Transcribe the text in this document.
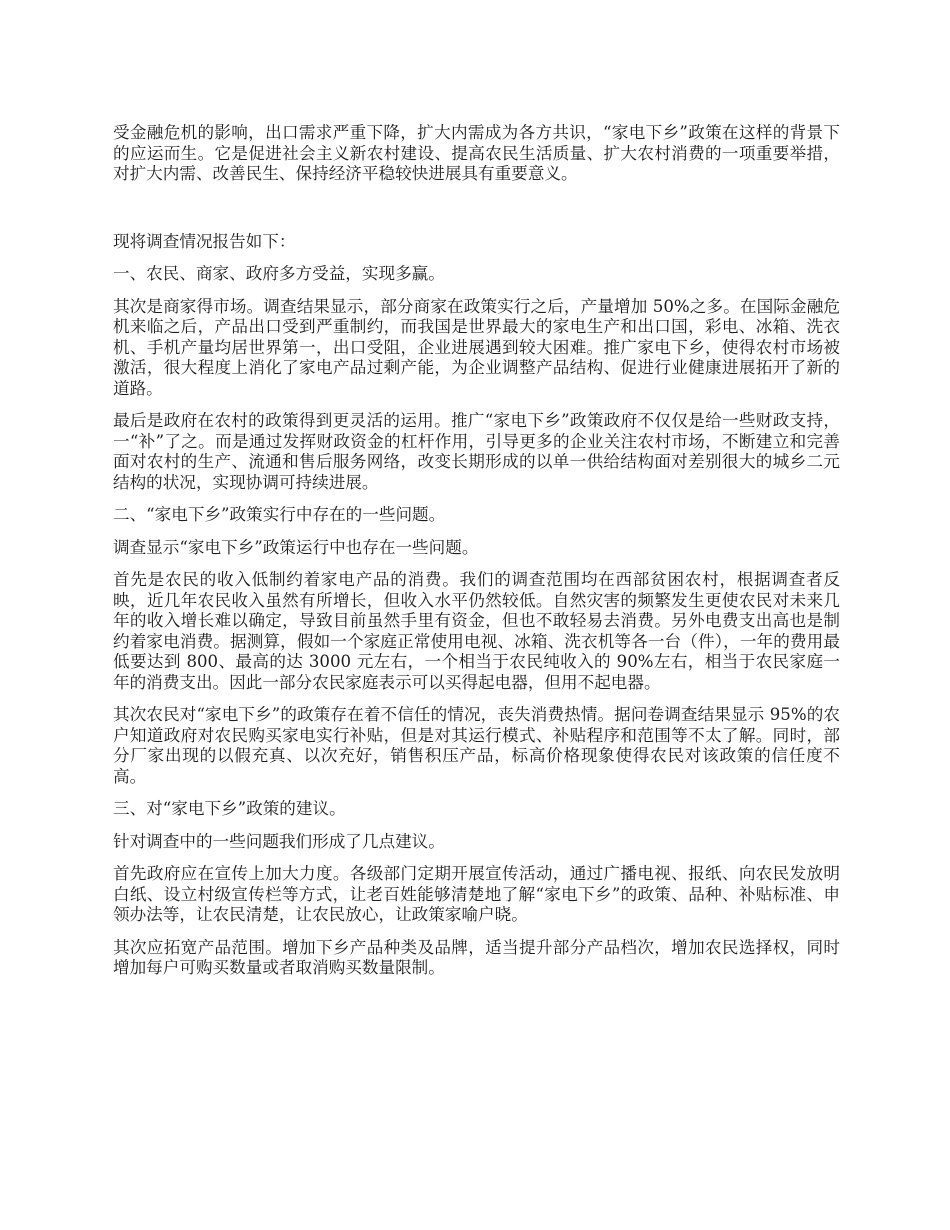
受金融危机的影响，出口需求严重下降，扩大内需成为各方共识，“家电下乡”政策在这样的背景下的应运而生。它是促进社会主义新农村建设、提高农民生活质量、扩大农村消费的一项重要举措，对扩大内需、改善民生、保持经济平稳较快进展具有重要意义。

现将调查情况报告如下：

一、农民、商家、政府多方受益，实现多赢。

其次是商家得市场。调查结果显示，部分商家在政策实行之后，产量增加 50%之多。在国际金融危机来临之后，产品出口受到严重制约，而我国是世界最大的家电生产和出口国，彩电、冰箱、洗衣机、手机产量均居世界第一，出口受阻，企业进展遇到较大困难。推广家电下乡，使得农村市场被激活，很大程度上消化了家电产品过剩产能，为企业调整产品结构、促进行业健康进展拓开了新的道路。

最后是政府在农村的政策得到更灵活的运用。推广“家电下乡”政策政府不仅仅是给一些财政支持，一“补”了之。而是通过发挥财政资金的杠杆作用，引导更多的企业关注农村市场，不断建立和完善面对农村的生产、流通和售后服务网络，改变长期形成的以单一供给结构面对差别很大的城乡二元结构的状况，实现协调可持续进展。

二、“家电下乡”政策实行中存在的一些问题。

调查显示“家电下乡”政策运行中也存在一些问题。

首先是农民的收入低制约着家电产品的消费。我们的调查范围均在西部贫困农村，根据调查者反映，近几年农民收入虽然有所增长，但收入水平仍然较低。自然灾害的频繁发生更使农民对未来几年的收入增长难以确定，导致目前虽然手里有资金，但也不敢轻易去消费。另外电费支出高也是制约着家电消费。据测算，假如一个家庭正常使用电视、冰箱、洗衣机等各一台（件），一年的费用最低要达到 800、最高的达 3000 元左右，一个相当于农民纯收入的 90%左右，相当于农民家庭一年的消费支出。因此一部分农民家庭表示可以买得起电器，但用不起电器。

其次农民对“家电下乡”的政策存在着不信任的情况，丧失消费热情。据问卷调查结果显示 95%的农户知道政府对农民购买家电实行补贴，但是对其运行模式、补贴程序和范围等不太了解。同时，部分厂家出现的以假充真、以次充好，销售积压产品，标高价格现象使得农民对该政策的信任度不高。

三、对“家电下乡”政策的建议。

针对调查中的一些问题我们形成了几点建议。

首先政府应在宣传上加大力度。各级部门定期开展宣传活动，通过广播电视、报纸、向农民发放明白纸、设立村级宣传栏等方式，让老百姓能够清楚地了解“家电下乡”的政策、品种、补贴标准、申领办法等，让农民清楚，让农民放心，让政策家喻户晓。

其次应拓宽产品范围。增加下乡产品种类及品牌，适当提升部分产品档次，增加农民选择权，同时增加每户可购买数量或者取消购买数量限制。
